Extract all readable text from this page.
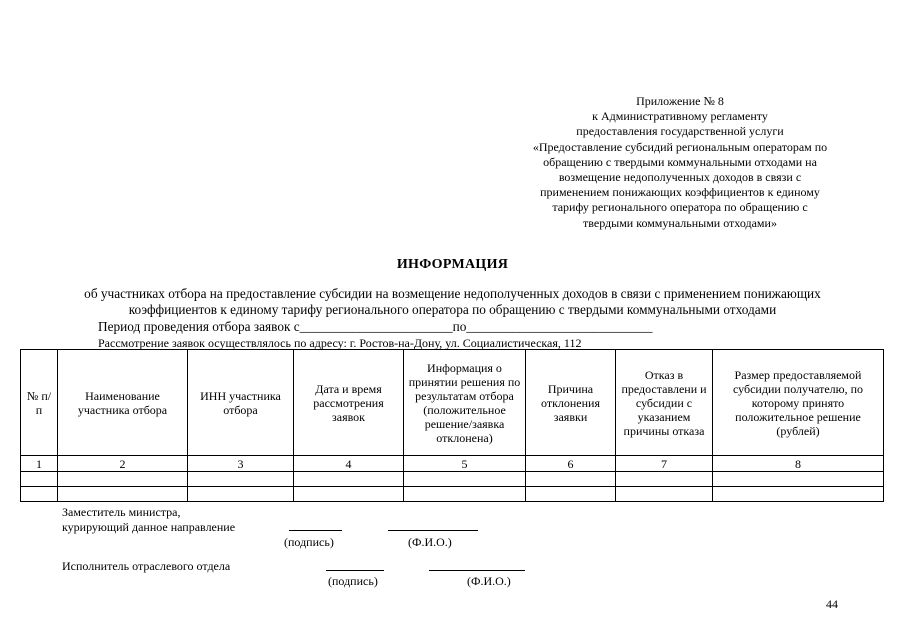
Приложение № 8
к Административному регламенту
предоставления государственной услуги
«Предоставление субсидий региональным операторам по
обращению с твердыми коммунальными отходами на
возмещение недополученных доходов в связи с
применением понижающих коэффициентов к единому
тарифу регионального оператора по обращению с
твердыми коммунальными отходами»
ИНФОРМАЦИЯ
об участниках отбора на предоставление субсидии на возмещение недополученных доходов в связи с применением понижающих
коэффициентов к единому тарифу регионального оператора по обращению с твердыми коммунальными отходами
Период проведения отбора заявок с_______________________по____________________________
Рассмотрение заявок осуществлялось по адресу: г. Ростов-на-Дону, ул. Социалистическая, 112
№ п/п	Наименование участника отбора	ИНН участника отбора	Дата и время рассмотрения заявок	Информация о принятии решения по результатам отбора (положительное решение/заявка отклонена)	Причина отклонения заявки	Отказ в предоставлени и субсидии с указанием причины отказа	Размер предоставляемой субсидии получателю, по которому принято положительное решение (рублей)
1	2	3	4	5	6	7	8

Заместитель министра,
курирующий данное направление
(подпись)	(Ф.И.О.)
Исполнитель отраслевого отдела
(подпись)	(Ф.И.О.)
44
